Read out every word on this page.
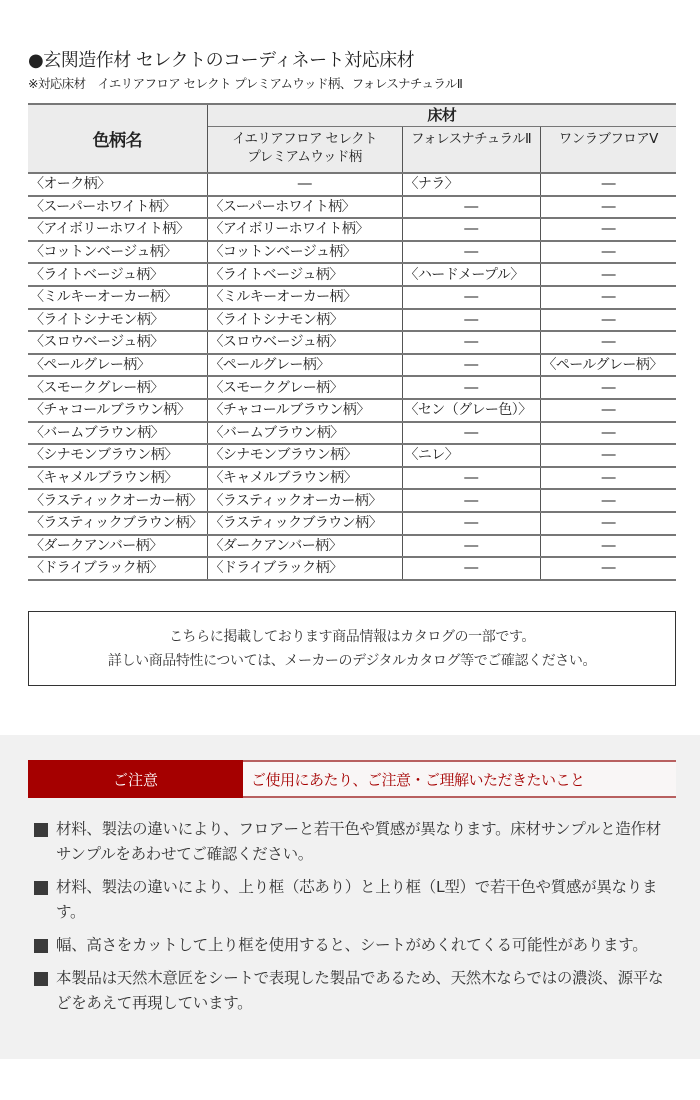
●玄関造作材 セレクトのコーディネート対応床材
※対応床材　イエリアフロア セレクト プレミアムウッド柄、フォレスナチュラルⅡ
色柄名	床材		

	イエリアフロア セレクト
プレミアムウッド柄	フォレスナチュラルⅡ	ワンラブフロアⅤ

〈オーク柄〉	―	〈ナラ〉	―
〈スーパーホワイト柄〉	〈スーパーホワイト柄〉	―	―
〈アイボリーホワイト柄〉	〈アイボリーホワイト柄〉	―	―
〈コットンベージュ柄〉	〈コットンベージュ柄〉	―	―
〈ライトベージュ柄〉	〈ライトベージュ柄〉	〈ハードメープル〉	―
〈ミルキーオーカー柄〉	〈ミルキーオーカー柄〉	―	―
〈ライトシナモン柄〉	〈ライトシナモン柄〉	―	―
〈スロウベージュ柄〉	〈スロウベージュ柄〉	―	―
〈ペールグレー柄〉	〈ペールグレー柄〉	―	〈ペールグレー柄〉
〈スモークグレー柄〉	〈スモークグレー柄〉	―	―
〈チャコールブラウン柄〉	〈チャコールブラウン柄〉	〈セン（グレー色）〉	―
〈バームブラウン柄〉	〈バームブラウン柄〉	―	―
〈シナモンブラウン柄〉	〈シナモンブラウン柄〉	〈ニレ〉	―
〈キャメルブラウン柄〉	〈キャメルブラウン柄〉	―	―
〈ラスティックオーカー柄〉	〈ラスティックオーカー柄〉	―	―
〈ラスティックブラウン柄〉	〈ラスティックブラウン柄〉	―	―
〈ダークアンバー柄〉	〈ダークアンバー柄〉	―	―
〈ドライブラック柄〉	〈ドライブラック柄〉	―	―
こちらに掲載しております商品情報はカタログの一部です。
詳しい商品特性については、メーカーのデジタルカタログ等でご確認ください。
ご注意	ご使用にあたり、ご注意・ご理解いただきたいこと
材料、製法の違いにより、フロアーと若干色や質感が異なります。床材サンプルと造作材サンプルをあわせてご確認ください。
材料、製法の違いにより、上り框（芯あり）と上り框（L型）で若干色や質感が異なります。
幅、高さをカットして上り框を使用すると、シートがめくれてくる可能性があります。
本製品は天然木意匠をシートで表現した製品であるため、天然木ならではの濃淡、源平などをあえて再現しています。
